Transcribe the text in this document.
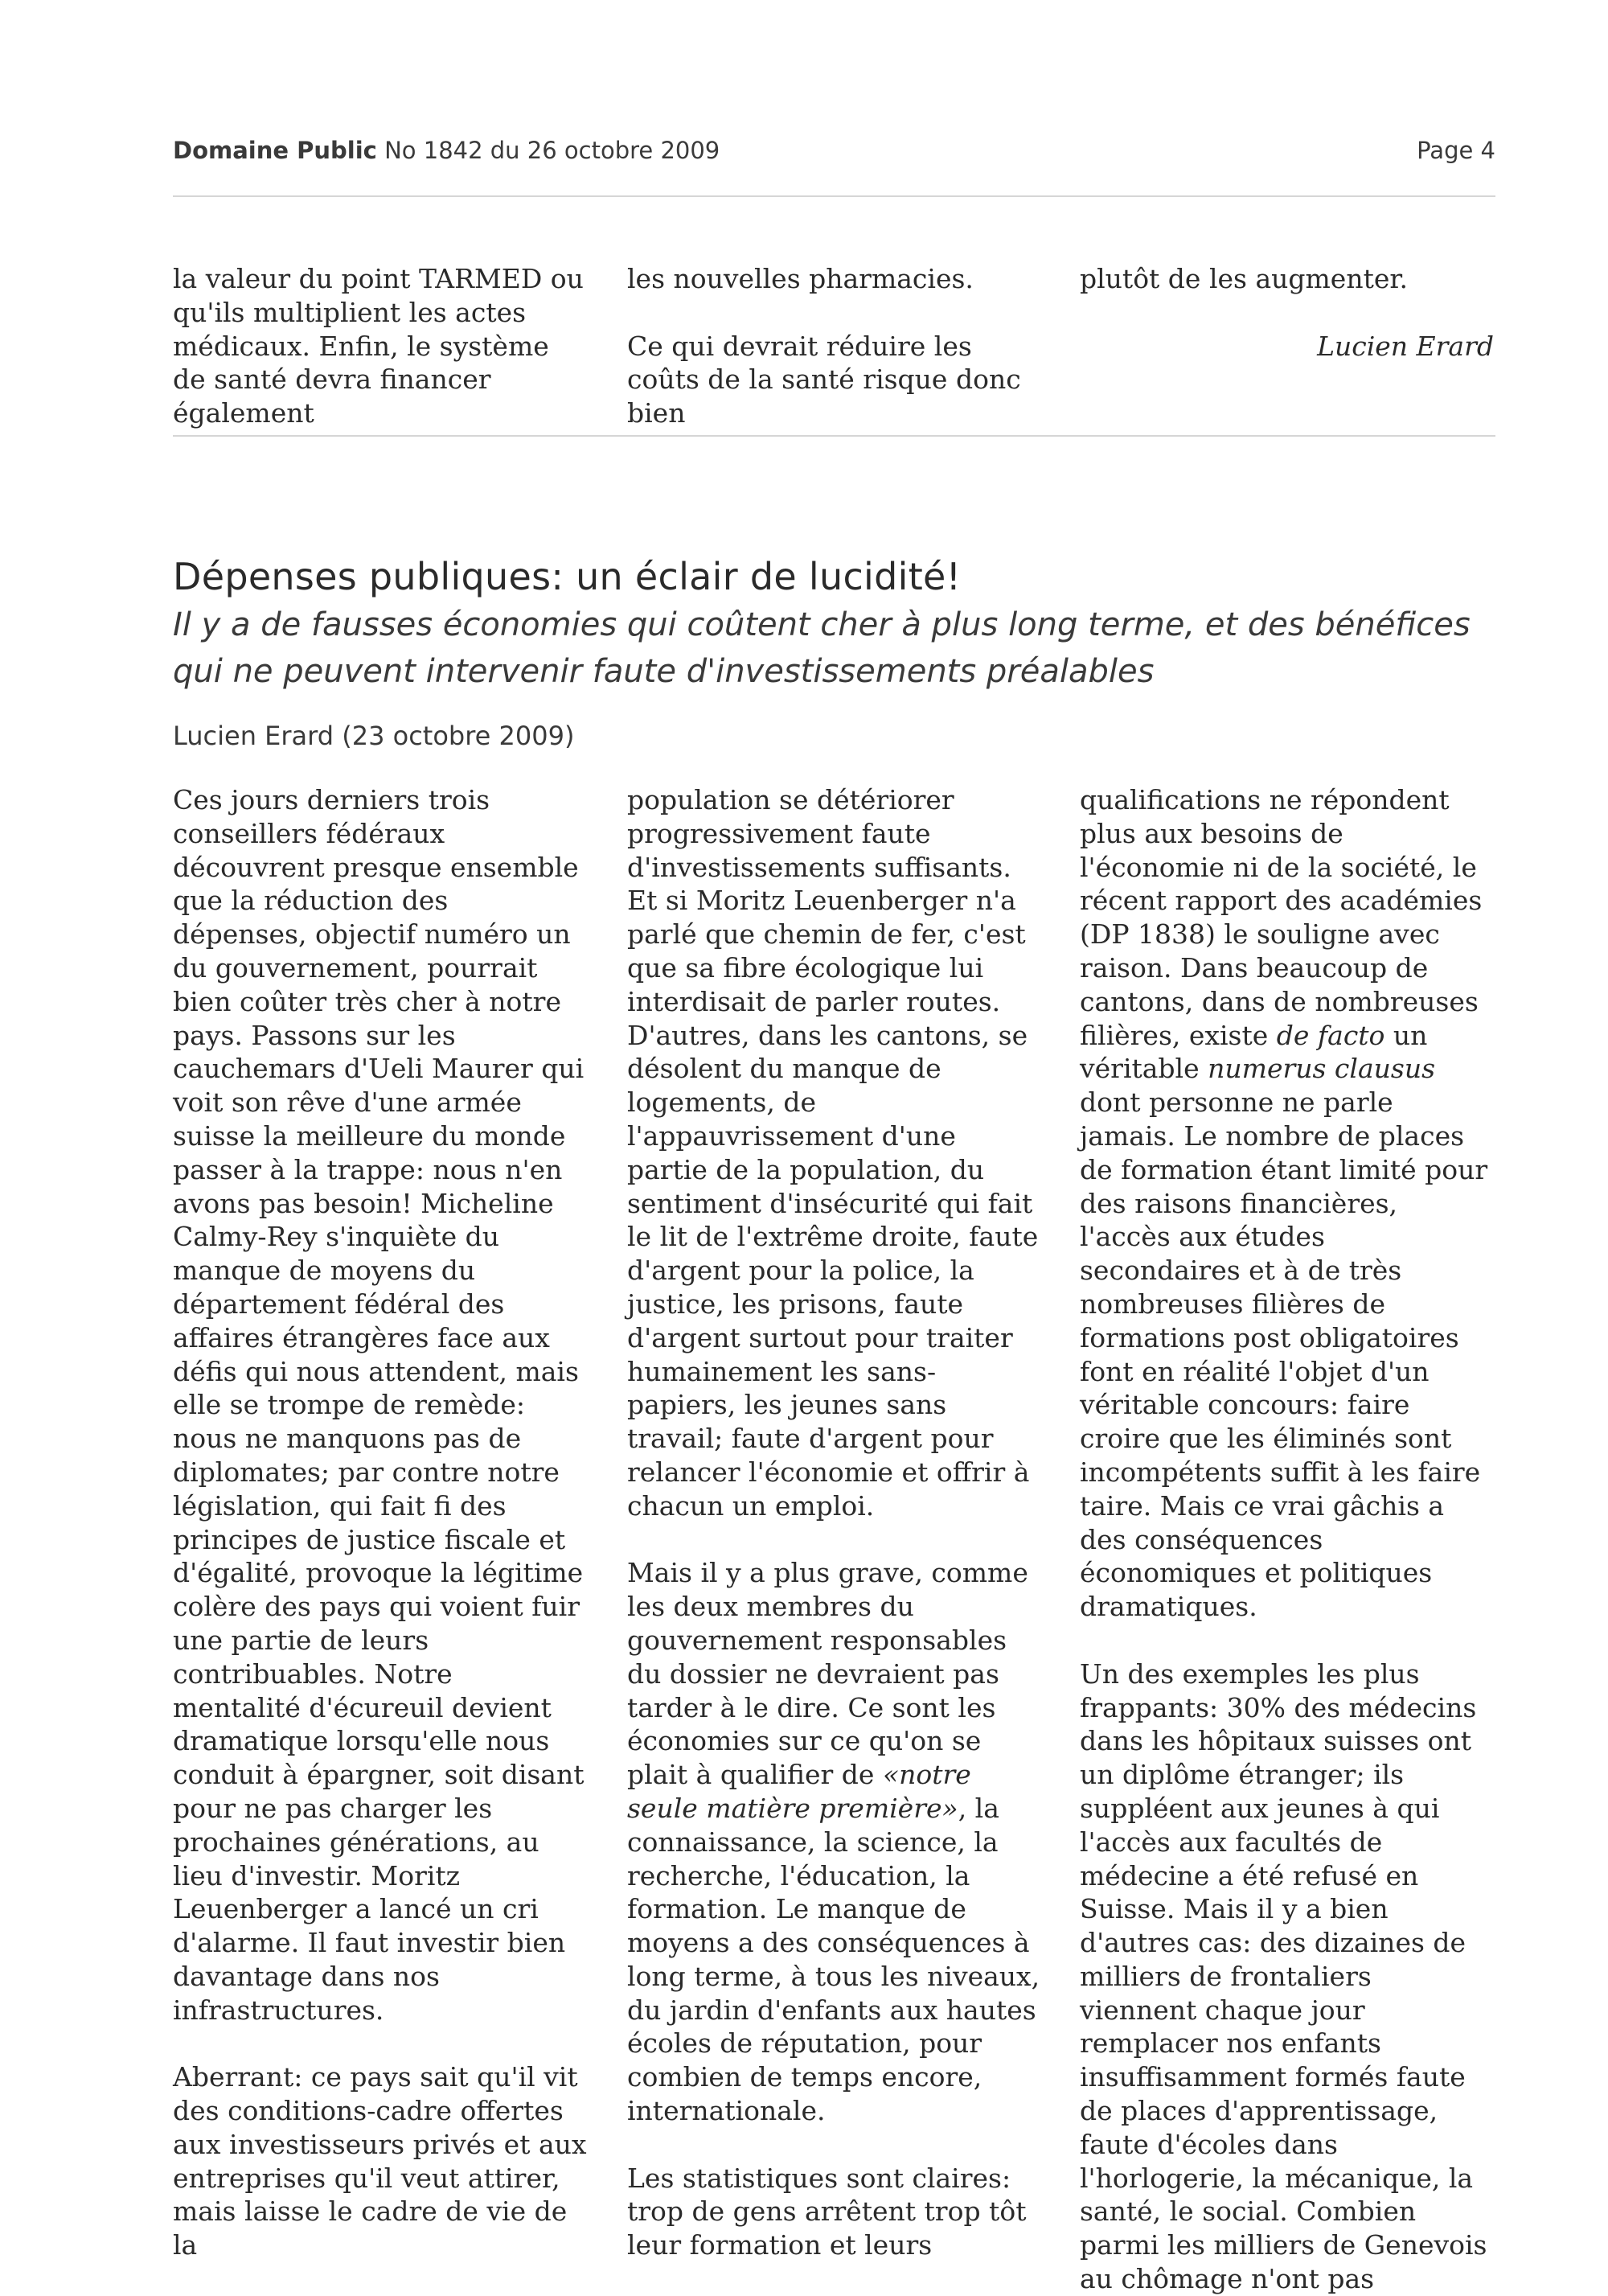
Domaine Public No 1842 du 26 octobre 2009	Page 4

la valeur du point TARMED ou qu'ils multiplient les actes médicaux. Enfin, le système de santé devra financer également

les nouvelles pharmacies.

Ce qui devrait réduire les coûts de la santé risque donc bien

plutôt de les augmenter.

Lucien Erard

Dépenses publiques: un éclair de lucidité!

Il y a de fausses économies qui coûtent cher à plus long terme, et des bénéfices qui ne peuvent intervenir faute d'investissements préalables

Lucien Erard (23 octobre 2009)

Ces jours derniers trois conseillers fédéraux découvrent presque ensemble que la réduction des dépenses, objectif numéro un du gouvernement, pourrait bien coûter très cher à notre pays. Passons sur les cauchemars d'Ueli Maurer qui voit son rêve d'une armée suisse la meilleure du monde passer à la trappe: nous n'en avons pas besoin! Micheline Calmy-Rey s'inquiète du manque de moyens du département fédéral des affaires étrangères face aux défis qui nous attendent, mais elle se trompe de remède: nous ne manquons pas de diplomates; par contre notre législation, qui fait fi des principes de justice fiscale et d'égalité, provoque la légitime colère des pays qui voient fuir une partie de leurs contribuables. Notre mentalité d'écureuil devient dramatique lorsqu'elle nous conduit à épargner, soit disant pour ne pas charger les prochaines générations, au lieu d'investir. Moritz Leuenberger a lancé un cri d'alarme. Il faut investir bien davantage dans nos infrastructures.

Aberrant: ce pays sait qu'il vit des conditions-cadre offertes aux investisseurs privés et aux entreprises qu'il veut attirer, mais laisse le cadre de vie de la

population se détériorer progressivement faute d'investissements suffisants. Et si Moritz Leuenberger n'a parlé que chemin de fer, c'est que sa fibre écologique lui interdisait de parler routes. D'autres, dans les cantons, se désolent du manque de logements, de l'appauvrissement d'une partie de la population, du sentiment d'insécurité qui fait le lit de l'extrême droite, faute d'argent pour la police, la justice, les prisons, faute d'argent surtout pour traiter humainement les sans-papiers, les jeunes sans travail; faute d'argent pour relancer l'économie et offrir à chacun un emploi.

Mais il y a plus grave, comme les deux membres du gouvernement responsables du dossier ne devraient pas tarder à le dire. Ce sont les économies sur ce qu'on se plait à qualifier de «notre seule matière première», la connaissance, la science, la recherche, l'éducation, la formation. Le manque de moyens a des conséquences à long terme, à tous les niveaux, du jardin d'enfants aux hautes écoles de réputation, pour combien de temps encore, internationale.

Les statistiques sont claires: trop de gens arrêtent trop tôt leur formation et leurs

qualifications ne répondent plus aux besoins de l'économie ni de la société, le récent rapport des académies (DP 1838) le souligne avec raison. Dans beaucoup de cantons, dans de nombreuses filières, existe de facto un véritable numerus clausus dont personne ne parle jamais. Le nombre de places de formation étant limité pour des raisons financières, l'accès aux études secondaires et à de très nombreuses filières de formations post obligatoires font en réalité l'objet d'un véritable concours: faire croire que les éliminés sont incompétents suffit à les faire taire. Mais ce vrai gâchis a des conséquences économiques et politiques dramatiques.

Un des exemples les plus frappants: 30% des médecins dans les hôpitaux suisses ont un diplôme étranger; ils suppléent aux jeunes à qui l'accès aux facultés de médecine a été refusé en Suisse. Mais il y a bien d'autres cas: des dizaines de milliers de frontaliers viennent chaque jour remplacer nos enfants insuffisamment formés faute de places d'apprentissage, faute d'écoles dans l'horlogerie, la mécanique, la santé, le social. Combien parmi les milliers de Genevois au chômage n'ont pas
